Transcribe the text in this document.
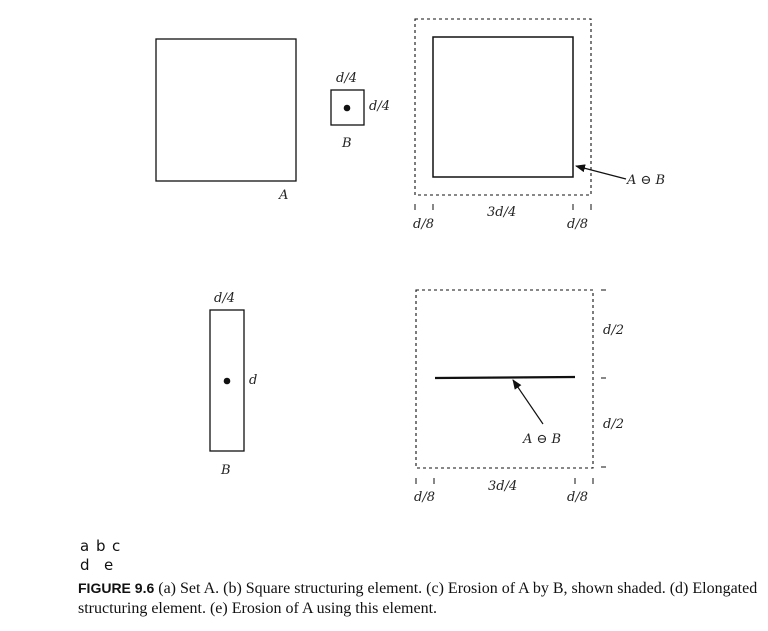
A
d/4
d/4
B
A ⊖ B
d/8
3d/4
d/8
d/4
d
B
A ⊖ B
d/2
d/2
d/8
3d/4
d/8
a b c
d e
FIGURE 9.6 (a) Set A. (b) Square structuring element. (c) Erosion of A by B, shown shaded. (d) Elongated structuring element. (e) Erosion of A using this element.
